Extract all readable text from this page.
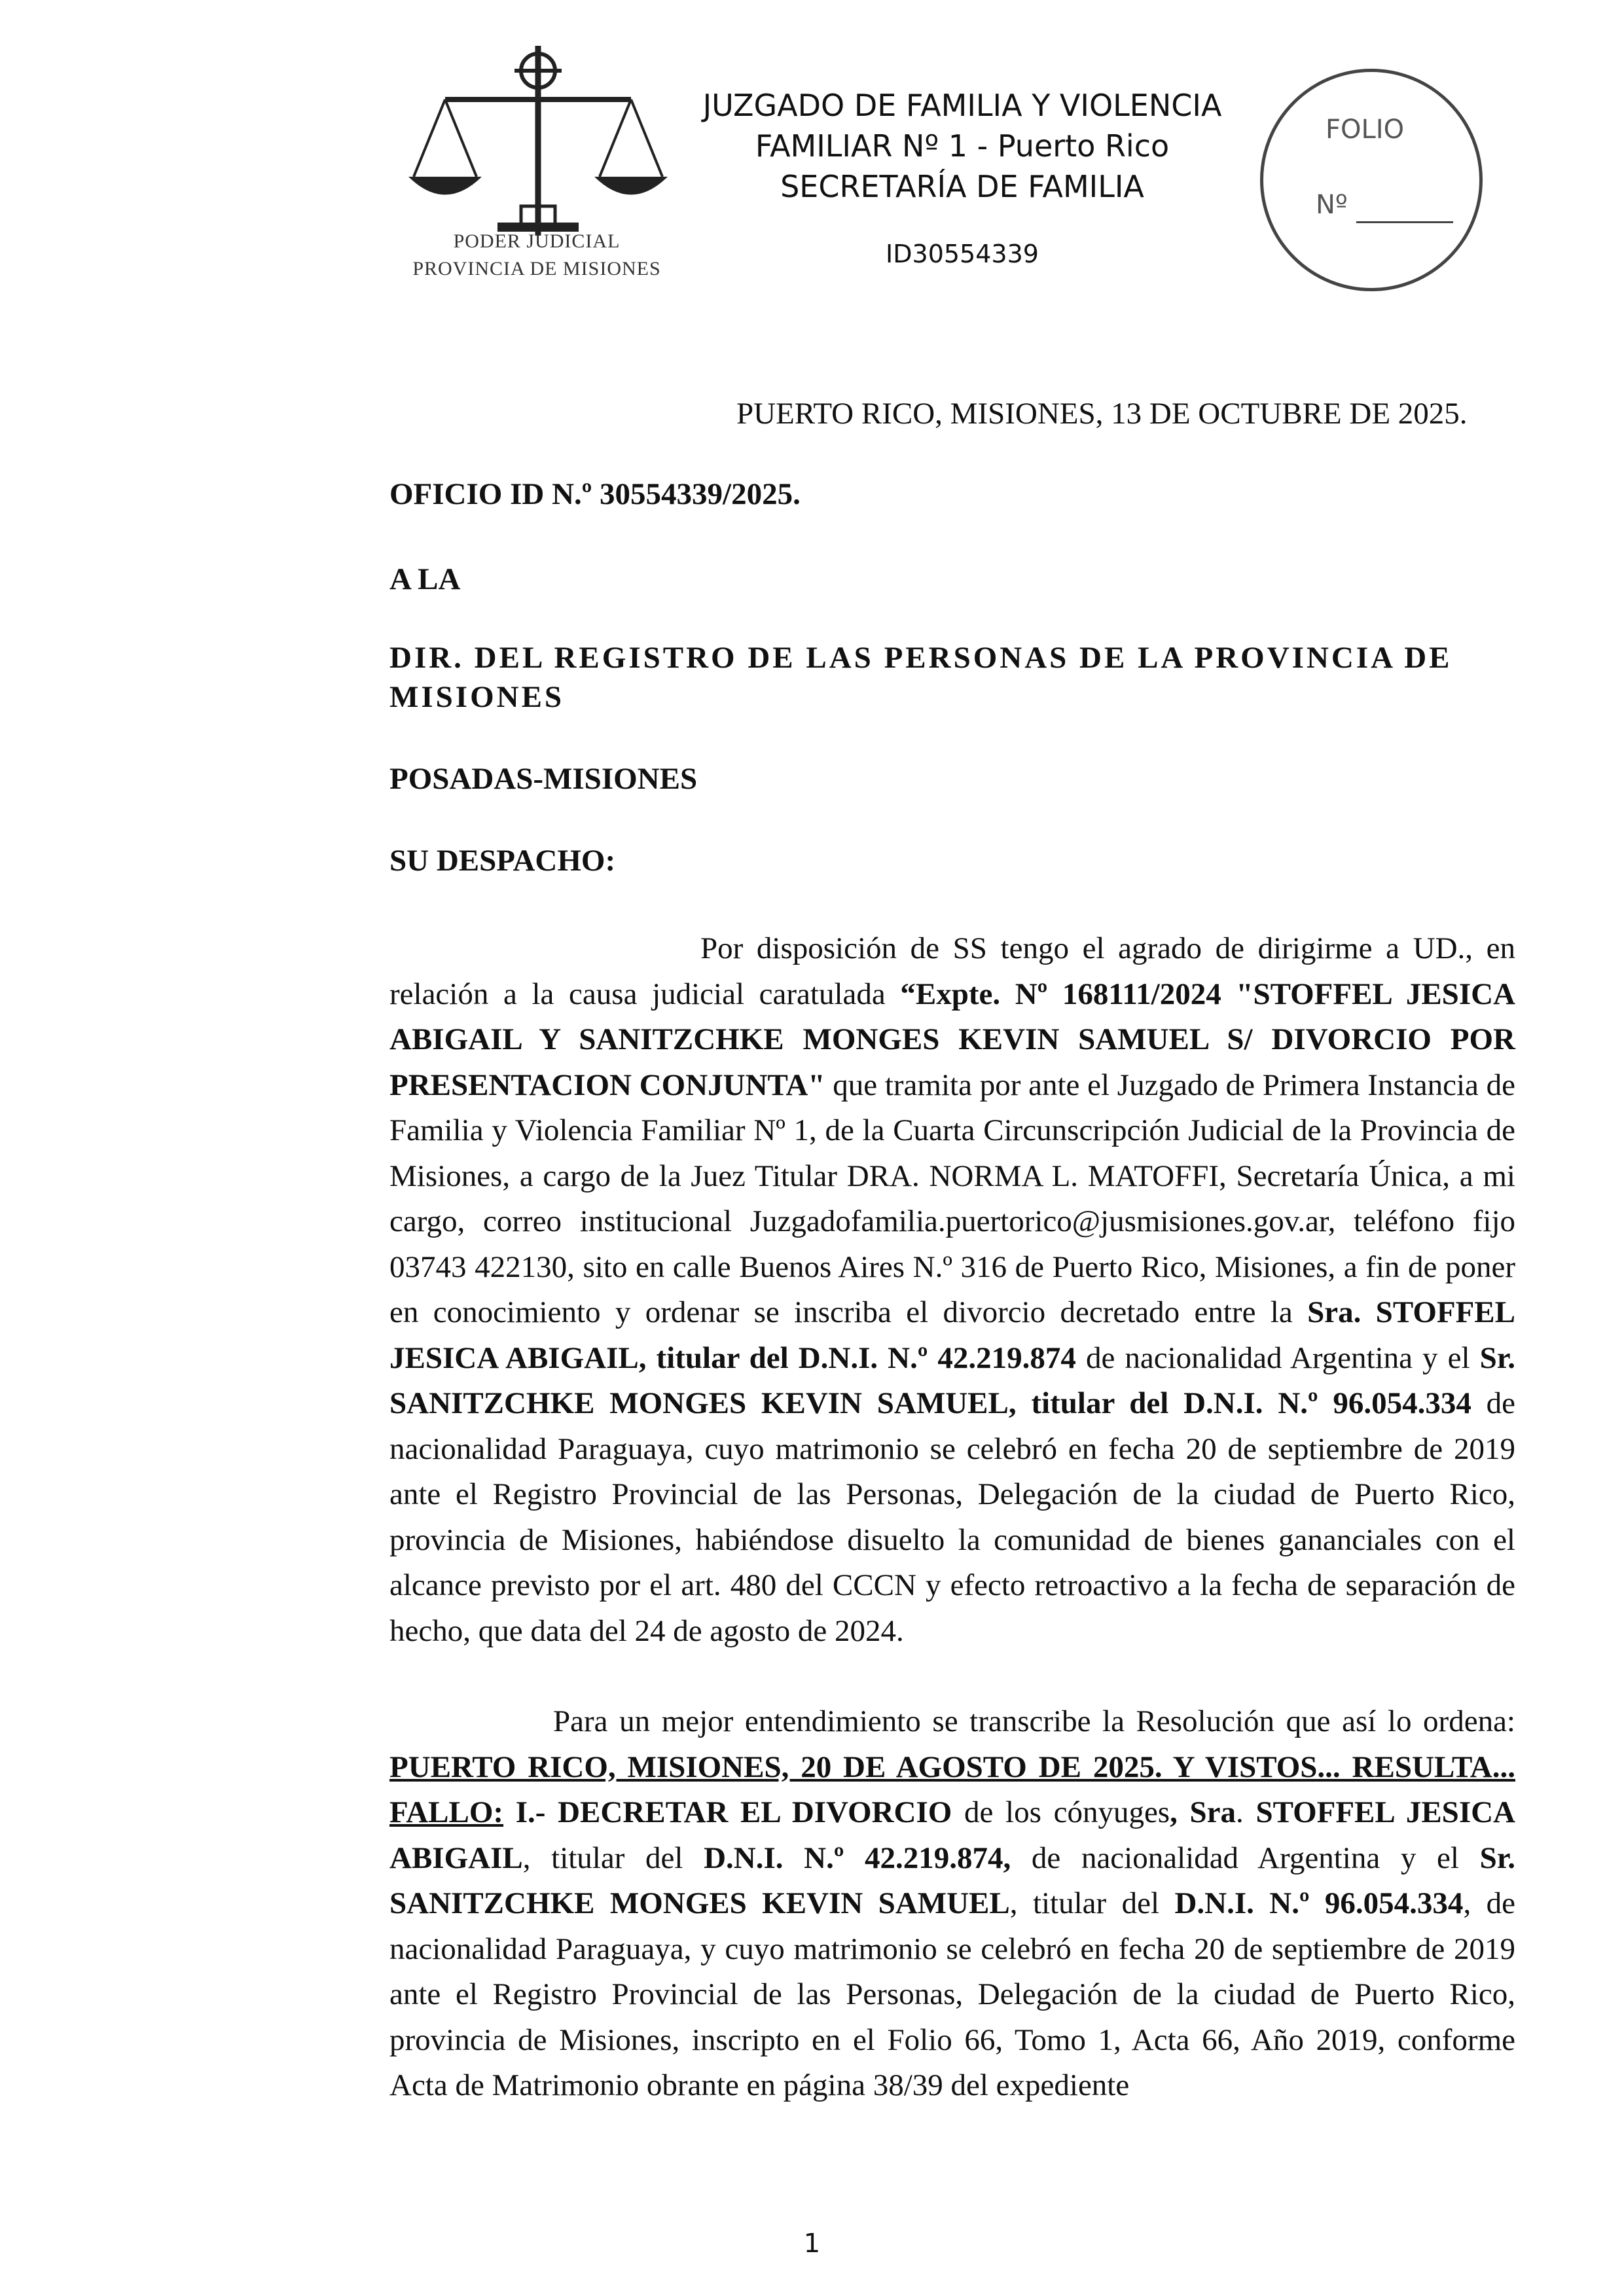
PODER JUDICIAL
PROVINCIA DE MISIONES
JUZGADO DE FAMILIA Y VIOLENCIA
FAMILIAR Nº 1 - Puerto Rico
SECRETARÍA DE FAMILIA
ID30554339
FOLIO
Nº
PUERTO RICO, MISIONES, 13 DE OCTUBRE DE 2025.
OFICIO ID N.º 30554339/2025.
A LA
DIR. DEL REGISTRO DE LAS PERSONAS DE LA PROVINCIA DE MISIONES
POSADAS-MISIONES
SU DESPACHO:

Por disposición de SS tengo el agrado de dirigirme a UD., en relación a la causa judicial caratulada “Expte. Nº 168111/2024 "STOFFEL JESICA ABIGAIL Y SANITZCHKE MONGES KEVIN SAMUEL S/ DIVORCIO POR PRESENTACION CONJUNTA" que tramita por ante el Juzgado de Primera Instancia de Familia y Violencia Familiar Nº 1, de la Cuarta Circunscripción Judicial de la Provincia de Misiones, a cargo de la Juez Titular DRA. NORMA L. MATOFFI, Secretaría Única, a mi cargo, correo institucional Juzgadofamilia.puertorico@jusmisiones.gov.ar, teléfono fijo 03743 422130, sito en calle Buenos Aires N.º 316 de Puerto Rico, Misiones, a fin de poner en conocimiento y ordenar se inscriba el divorcio decretado entre la Sra. STOFFEL JESICA ABIGAIL, titular del D.N.I. N.º 42.219.874 de nacionalidad Argentina y el Sr. SANITZCHKE MONGES KEVIN SAMUEL, titular del D.N.I. N.º 96.054.334 de nacionalidad Paraguaya, cuyo matrimonio se celebró en fecha 20 de septiembre de 2019 ante el Registro Provincial de las Personas, Delegación de la ciudad de Puerto Rico, provincia de Misiones, habiéndose disuelto la comunidad de bienes gananciales con el alcance previsto por el art. 480 del CCCN y efecto retroactivo a la fecha de separación de hecho, que data del 24 de agosto de 2024.

Para un mejor entendimiento se transcribe la Resolución que así lo ordena: PUERTO RICO, MISIONES, 20 DE AGOSTO DE 2025. Y VISTOS... RESULTA... FALLO: I.- DECRETAR EL DIVORCIO de los cónyuges, Sra. STOFFEL JESICA ABIGAIL, titular del D.N.I. N.º 42.219.874, de nacionalidad Argentina y el Sr. SANITZCHKE MONGES KEVIN SAMUEL, titular del D.N.I. N.º 96.054.334, de nacionalidad Paraguaya, y cuyo matrimonio se celebró en fecha 20 de septiembre de 2019 ante el Registro Provincial de las Personas, Delegación de la ciudad de Puerto Rico, provincia de Misiones, inscripto en el Folio 66, Tomo 1, Acta 66, Año 2019, conforme Acta de Matrimonio obrante en página 38/39 del expediente

1
